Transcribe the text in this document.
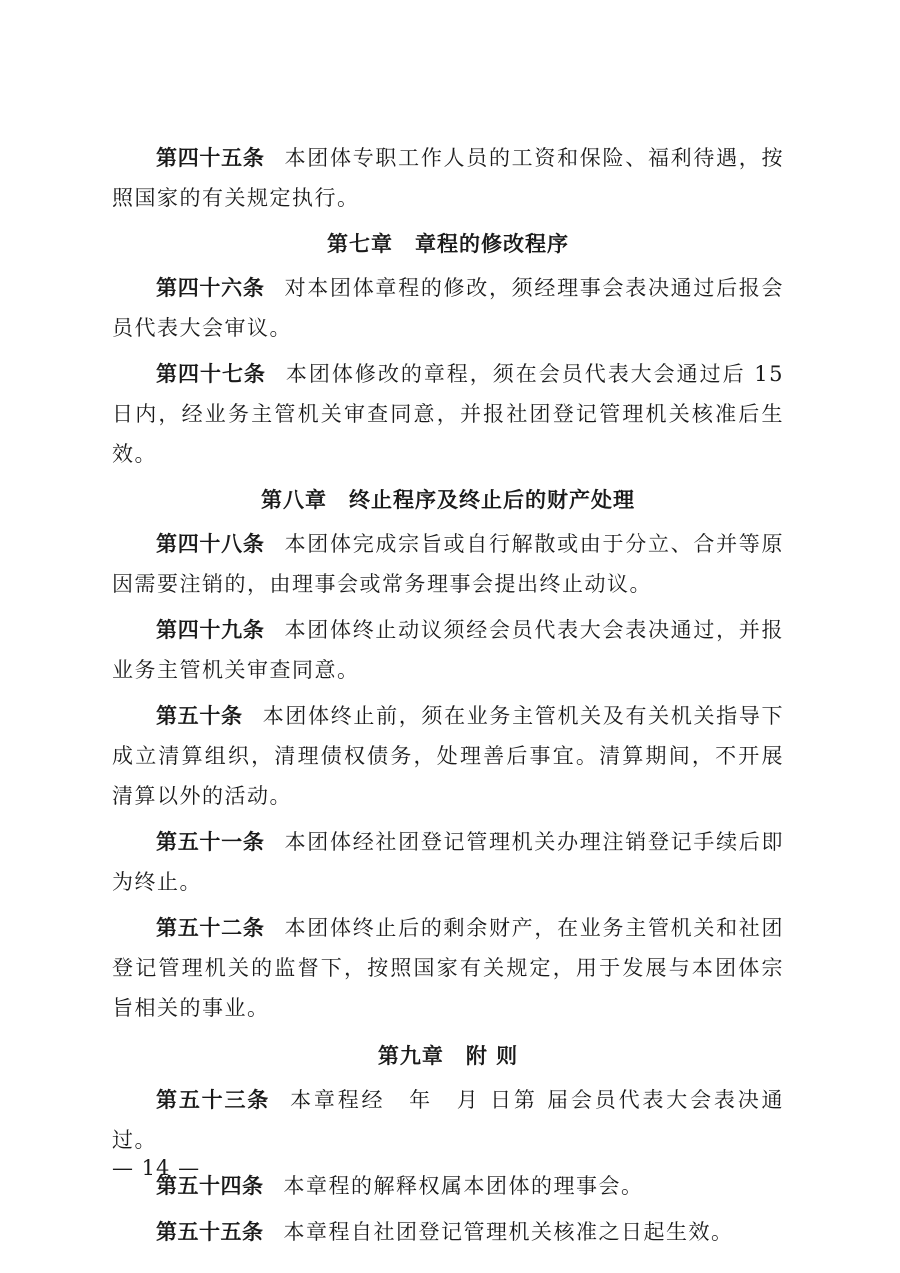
第四十五条 本团体专职工作人员的工资和保险、福利待遇，按照国家的有关规定执行。

第七章　章程的修改程序

第四十六条 对本团体章程的修改，须经理事会表决通过后报会员代表大会审议。

第四十七条 本团体修改的章程，须在会员代表大会通过后 15 日内，经业务主管机关审查同意，并报社团登记管理机关核准后生效。

第八章　终止程序及终止后的财产处理

第四十八条 本团体完成宗旨或自行解散或由于分立、合并等原因需要注销的，由理事会或常务理事会提出终止动议。

第四十九条 本团体终止动议须经会员代表大会表决通过，并报业务主管机关审查同意。

第五十条 本团体终止前，须在业务主管机关及有关机关指导下成立清算组织，清理债权债务，处理善后事宜。清算期间，不开展清算以外的活动。

第五十一条 本团体经社团登记管理机关办理注销登记手续后即为终止。

第五十二条 本团体终止后的剩余财产，在业务主管机关和社团登记管理机关的监督下，按照国家有关规定，用于发展与本团体宗旨相关的事业。

第九章　附 则

第五十三条 本章程经　年　月 日第 届会员代表大会表决通过。

第五十四条 本章程的解释权属本团体的理事会。

第五十五条 本章程自社团登记管理机关核准之日起生效。

— 14 —
